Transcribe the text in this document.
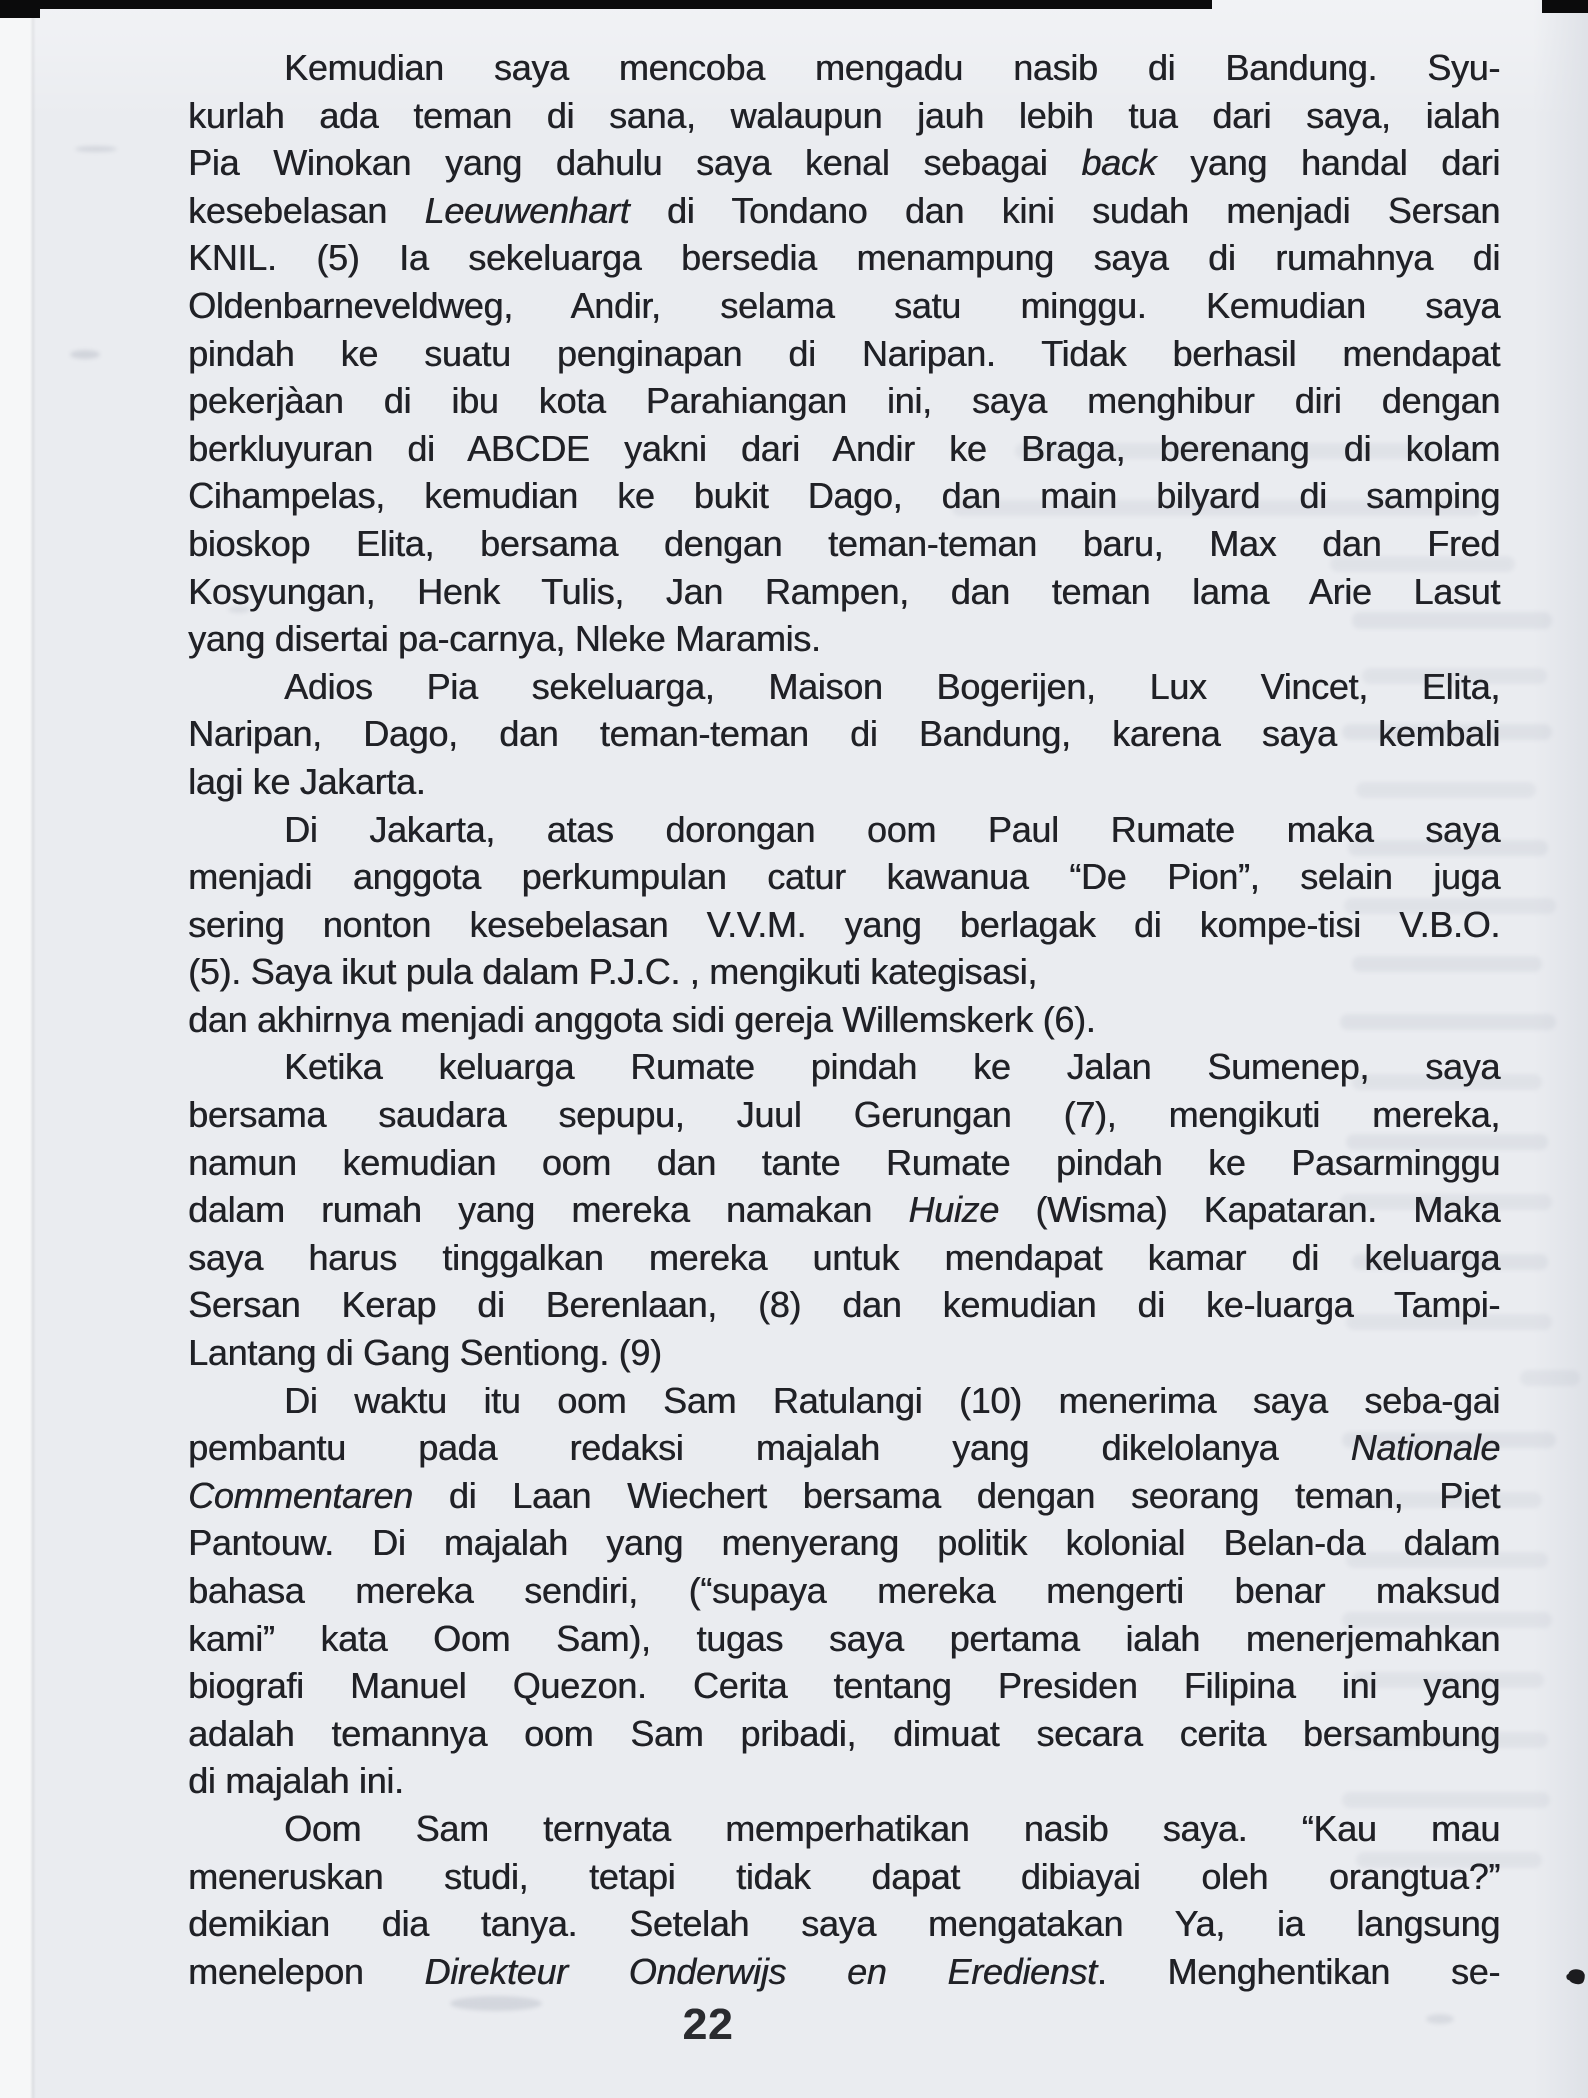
Kemudian saya mencoba mengadu nasib di Bandung. Syu-
kurlah ada teman di sana, walaupun jauh lebih tua dari saya, ialah
Pia Winokan yang dahulu saya kenal sebagai back yang handal dari
kesebelasan Leeuwenhart di Tondano dan kini sudah menjadi Sersan
KNIL. (5) Ia sekeluarga bersedia menampung saya di rumahnya di
Oldenbarneveldweg, Andir, selama satu minggu. Kemudian saya
pindah ke suatu penginapan di Naripan. Tidak berhasil mendapat
pekerjàan di ibu kota Parahiangan ini, saya menghibur diri dengan
berkluyuran di ABCDE yakni dari Andir ke Braga, berenang di kolam
Cihampelas, kemudian ke bukit Dago, dan main bilyard di samping
bioskop Elita, bersama dengan teman-teman baru, Max dan Fred
Kosyungan, Henk Tulis, Jan Rampen, dan teman lama Arie Lasut
yang disertai pa-carnya, Nleke Maramis.
Adios Pia sekeluarga, Maison Bogerijen, Lux Vincet, Elita,
Naripan, Dago, dan teman-teman di Bandung, karena saya kembali
lagi ke Jakarta.
Di Jakarta, atas dorongan oom Paul Rumate maka saya
menjadi anggota perkumpulan catur kawanua “De Pion”, selain juga
sering nonton kesebelasan V.V.M. yang berlagak di kompe-tisi V.B.O.
(5). Saya ikut pula dalam P.J.C. , mengikuti kategisasi,
dan akhirnya menjadi anggota sidi gereja Willemskerk (6).
Ketika keluarga Rumate pindah ke Jalan Sumenep, saya
bersama saudara sepupu, Juul Gerungan (7), mengikuti mereka,
namun kemudian oom dan tante Rumate pindah ke Pasarminggu
dalam rumah yang mereka namakan Huize (Wisma) Kapataran. Maka
saya harus tinggalkan mereka untuk mendapat kamar di keluarga
Sersan Kerap di Berenlaan, (8) dan kemudian di ke-luarga Tampi-
Lantang di Gang Sentiong. (9)
Di waktu itu oom Sam Ratulangi (10) menerima saya seba-gai
pembantu pada redaksi majalah yang dikelolanya Nationale
Commentaren di Laan Wiechert bersama dengan seorang teman, Piet
Pantouw. Di majalah yang menyerang politik kolonial Belan-da dalam
bahasa mereka sendiri, (“supaya mereka mengerti benar maksud
kami” kata Oom Sam), tugas saya pertama ialah menerjemahkan
biografi Manuel Quezon. Cerita tentang Presiden Filipina ini yang
adalah temannya oom Sam pribadi, dimuat secara cerita bersambung
di majalah ini.
Oom Sam ternyata memperhatikan nasib saya. “Kau mau
meneruskan studi, tetapi tidak dapat dibiayai oleh orangtua?”
demikian dia tanya. Setelah saya mengatakan Ya, ia langsung
menelepon Direkteur Onderwijs en Eredienst. Menghentikan se-
22
